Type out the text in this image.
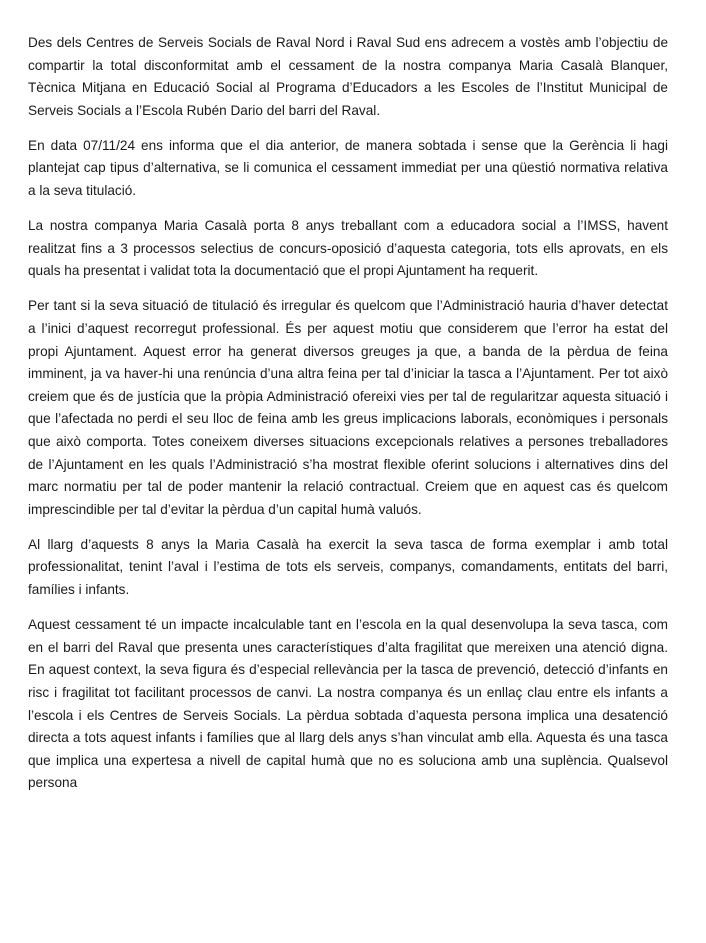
Des dels Centres de Serveis Socials de Raval Nord i Raval Sud ens adrecem a vostès amb l’objectiu de compartir la total disconformitat amb el cessament de la nostra companya Maria Casalà Blanquer, Tècnica Mitjana en Educació Social al Programa d’Educadors a les Escoles de l’Institut Municipal de Serveis Socials a l’Escola Rubén Dario del barri del Raval.

En data 07/11/24 ens informa que el dia anterior, de manera sobtada i sense que la Gerència li hagi plantejat cap tipus d’alternativa, se li comunica el cessament immediat per una qüestió normativa relativa a la seva titulació.

La nostra companya Maria Casalà porta 8 anys treballant com a educadora social a l’IMSS, havent realitzat fins a 3 processos selectius de concurs-oposició d’aquesta categoria, tots ells aprovats, en els quals ha presentat i validat tota la documentació que el propi Ajuntament ha requerit.

Per tant si la seva situació de titulació és irregular és quelcom que l’Administració hauria d’haver detectat a l’inici d’aquest recorregut professional. És per aquest motiu que considerem que l’error ha estat del propi Ajuntament. Aquest error ha generat diversos greuges ja que, a banda de la pèrdua de feina imminent, ja va haver-hi una renúncia d’una altra feina per tal d’iniciar la tasca a l’Ajuntament. Per tot això creiem que és de justícia que la pròpia Administració ofereixi vies per tal de regularitzar aquesta situació i que l’afectada no perdi el seu lloc de feina amb les greus implicacions laborals, econòmiques i personals que això comporta. Totes coneixem diverses situacions excepcionals relatives a persones treballadores de l’Ajuntament en les quals l’Administració s’ha mostrat flexible oferint solucions i alternatives dins del marc normatiu per tal de poder mantenir la relació contractual. Creiem que en aquest cas és quelcom imprescindible per tal d’evitar la pèrdua d’un capital humà valuós.

Al llarg d’aquests 8 anys la Maria Casalà ha exercit la seva tasca de forma exemplar i amb total professionalitat, tenint l’aval i l’estima de tots els serveis, companys, comandaments, entitats del barri, famílies i infants.

Aquest cessament té un impacte incalculable tant en l’escola en la qual desenvolupa la seva tasca, com en el barri del Raval que presenta unes característiques d’alta fragilitat que mereixen una atenció digna. En aquest context, la seva figura és d’especial rellevància per la tasca de prevenció, detecció d’infants en risc i fragilitat tot facilitant processos de canvi. La nostra companya és un enllaç clau entre els infants a l’escola i els Centres de Serveis Socials. La pèrdua sobtada d’aquesta persona implica una desatenció directa a tots aquest infants i famílies que al llarg dels anys s’han vinculat amb ella. Aquesta és una tasca que implica una expertesa a nivell de capital humà que no es soluciona amb una suplència. Qualsevol persona
